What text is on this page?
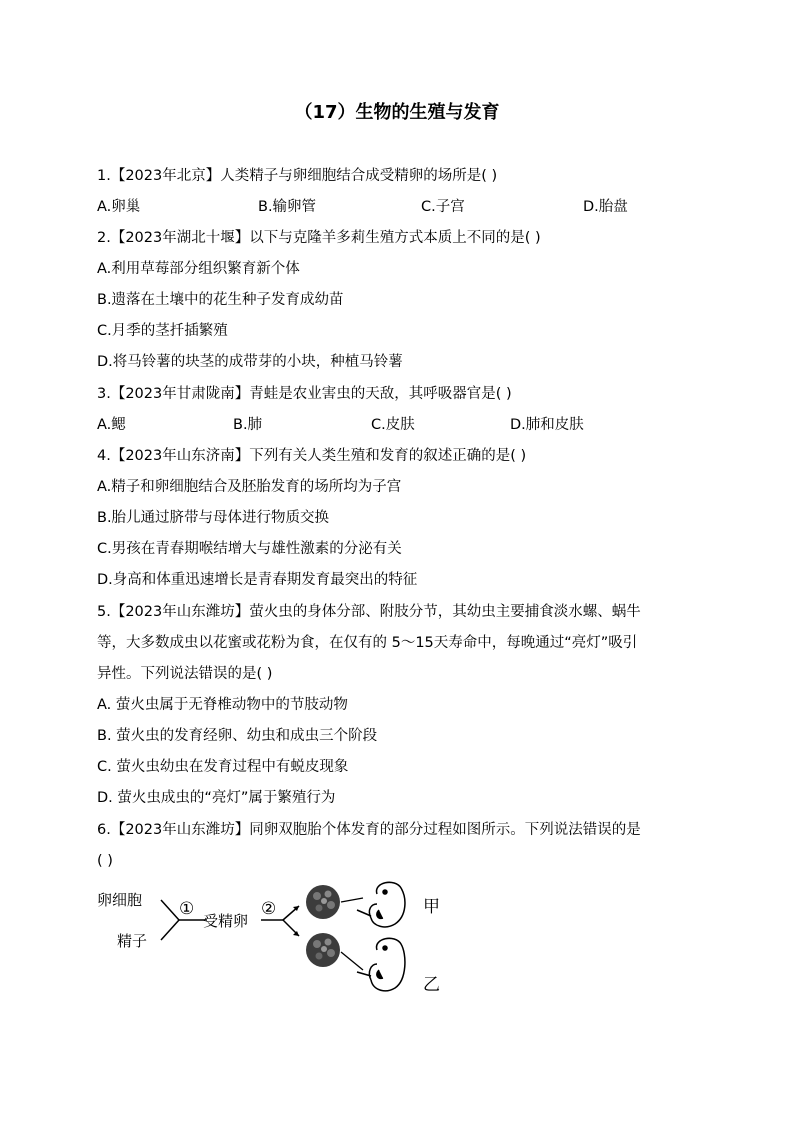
（17）生物的生殖与发育
1.【2023年北京】人类精子与卵细胞结合成受精卵的场所是( )
A.卵巢	B.输卵管	C.子宫	D.胎盘
2.【2023年湖北十堰】以下与克隆羊多莉生殖方式本质上不同的是( )
A.利用草莓部分组织繁育新个体
B.遗落在土壤中的花生种子发育成幼苗
C.月季的茎扦插繁殖
D.将马铃薯的块茎的成带芽的小块，种植马铃薯
3.【2023年甘肃陇南】青蛙是农业害虫的天敌，其呼吸器官是( )
A.鳃	B.肺	C.皮肤	D.肺和皮肤
4.【2023年山东济南】下列有关人类生殖和发育的叙述正确的是( )
A.精子和卵细胞结合及胚胎发育的场所均为子宫
B.胎儿通过脐带与母体进行物质交换
C.男孩在青春期喉结增大与雄性激素的分泌有关
D.身高和体重迅速增长是青春期发育最突出的特征
5.【2023年山东潍坊】萤火虫的身体分部、附肢分节，其幼虫主要捕食淡水螺、蜗牛
等，大多数成虫以花蜜或花粉为食，在仅有的 5～15天寿命中，每晚通过“亮灯”吸引
异性。下列说法错误的是( )
A. 萤火虫属于无脊椎动物中的节肢动物
B. 萤火虫的发育经卵、幼虫和成虫三个阶段
C. 萤火虫幼虫在发育过程中有蜕皮现象
D. 萤火虫成虫的“亮灯”属于繁殖行为
6.【2023年山东潍坊】同卵双胞胎个体发育的部分过程如图所示。下列说法错误的是
( )
卵细胞
精子
①
受精卵
②	甲
乙
